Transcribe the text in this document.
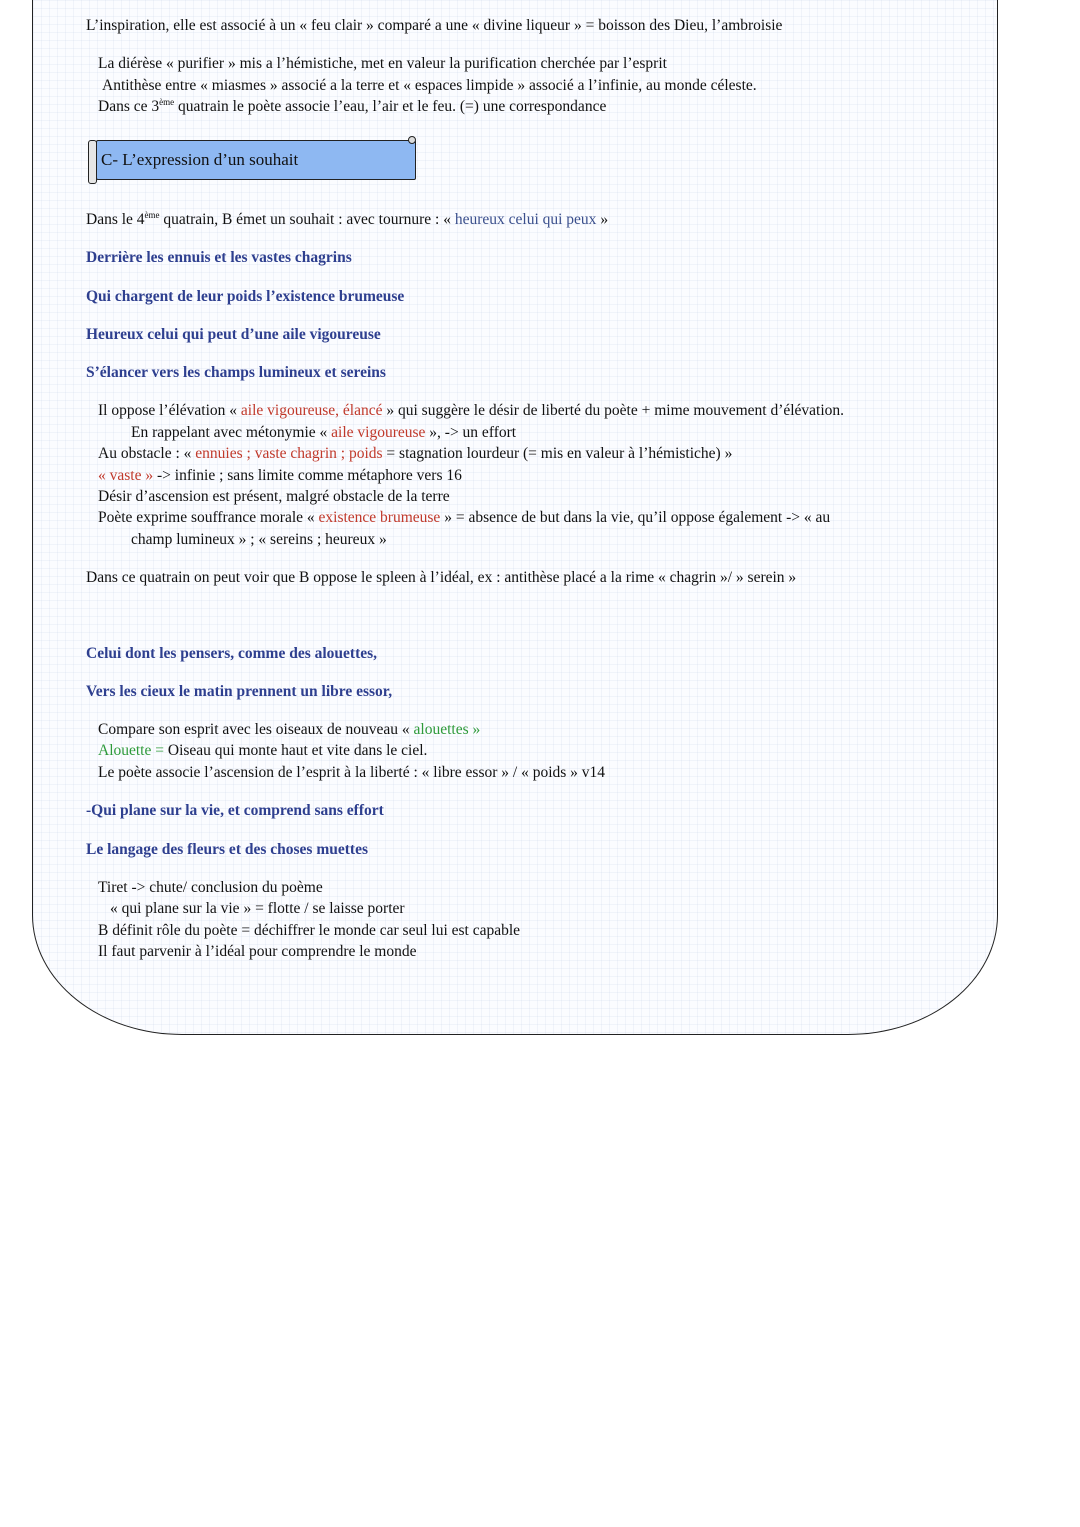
L’inspiration, elle est associé à un « feu clair » comparé a une « divine liqueur » = boisson des Dieu, l’ambroisie
La diérèse « purifier » mis a l’hémistiche, met en valeur la purification cherchée par l’esprit
Antithèse entre « miasmes » associé a la terre et « espaces limpide » associé a l’infinie, au monde céleste.
Dans ce 3ème quatrain le poète associe l’eau, l’air et le feu. (=) une correspondance
C- L’expression d’un souhait
Dans le 4ème quatrain, B émet un souhait : avec tournure : « heureux celui qui peux »
Derrière les ennuis et les vastes chagrins
Qui chargent de leur poids l’existence brumeuse
Heureux celui qui peut d’une aile vigoureuse
S’élancer vers les champs lumineux et sereins
Il oppose l’élévation « aile vigoureuse, élancé » qui suggère le désir de liberté du poète + mime mouvement d’élévation.
En rappelant avec métonymie « aile vigoureuse », -> un effort
Au obstacle : « ennuies ; vaste chagrin ; poids = stagnation lourdeur (= mis en valeur à l’hémistiche) »
« vaste » -> infinie ; sans limite comme métaphore vers 16
Désir d’ascension est présent, malgré obstacle de la terre
Poète exprime souffrance morale « existence brumeuse » = absence de but dans la vie, qu’il oppose également -> « au
champ lumineux » ; « sereins ; heureux »
Dans ce quatrain on peut voir que B oppose le spleen à l’idéal, ex : antithèse placé a la rime « chagrin »/ » serein »
Celui dont les pensers, comme des alouettes,
Vers les cieux le matin prennent un libre essor,
Compare son esprit avec les oiseaux de nouveau « alouettes »
Alouette = Oiseau qui monte haut et vite dans le ciel.
Le poète associe l’ascension de l’esprit à la liberté : « libre essor » / « poids » v14
-Qui plane sur la vie, et comprend sans effort
Le langage des fleurs et des choses muettes
Tiret -> chute/ conclusion du poème
« qui plane sur la vie » = flotte / se laisse porter
B définit rôle du poète = déchiffrer le monde car seul lui est capable
Il faut parvenir à l’idéal pour comprendre le monde
